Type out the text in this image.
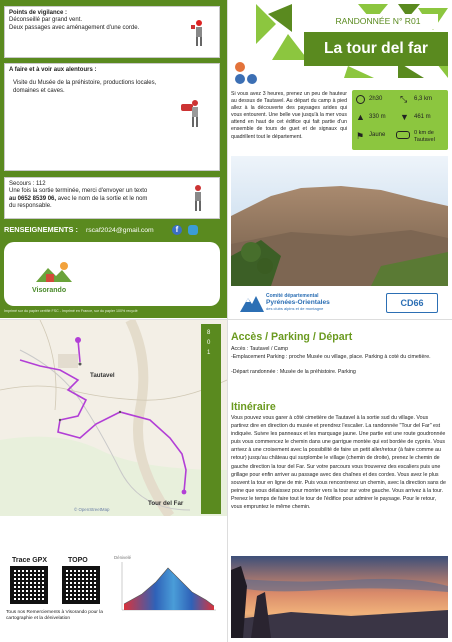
Points de vigilance :
Déconseillé par grand vent.
Deux passages avec aménagement d'une corde.
A faire et à voir aux alentours :
Visite du Musée de la préhistoire, productions locales, domaines et caves.
Secours : 112
Une fois la sortie terminée, merci d'envoyer un texto
au 0652 8539 06, avec le nom de la sortie et le nom
du responsable.
RENSEIGNEMENTS : rscaf2024@gmail.com	f
Visorando
Imprimé sur du papier certifié FSC - Imprimé en France, sur du papier 100% recyclé
RANDONNÉE N° R01
La tour del far
Si vous avez 3 heures, prenez un peu de hauteur au dessus de Tautavel. Au départ du camp à pied allez à la découverte des paysages arides qui vous entourent. Une belle vue jusqu'à la mer vous attend en haut de cet édifice qui fait partie d'un ensemble de tours de guet et de signaux qui quadrillent tout le département.
2h30 ⤡	6,3 km
▲ 330 m ▼ 461 m
⚑ Jaune	0 km de Tautavel
Comité départemental
Pyrénées-Orientales
des clubs alpins et de montagne
CD66
Tautavel
Tour del Far
© OpenStreetMap
8
0
1
Trace GPX	TOPO	Dénivelé
Tous nos Remerciements à Visorando pour la cartographie et la dénivelation
Accès / Parking / Départ
Accès : Tautavel / Camp
-Emplacement Parking : proche Musée ou village, place. Parking à coté du cimetière.
-Départ randonnée : Musée de la préhistoire. Parking
Itinéraire
Vous pouvez vous garer à côté cimetière de Tautavel à la sortie sud du village. Vous partirez dire en direction du musée et prendrez l'escalier. La randonnée "Tour del Far" est indiquée. Suivre les panneaux et les marquage jaune. Une partie est une route goudronnée puis vous commencez le chemin dans une garrigue montée qui est bordée de cyprès. Vous arrivez à une croisement avec la possibilité de faire un petit aller/retour (à faire comme au retour) jusqu'au château qui surplombe le village (chemin de droite), prenez le chemin de gauche direction la tour del Far. Sur votre parcours vous trouverez des escaliers puis une grillage pour enfin arriver au passage avec des chaînes et des cordes. Vous avez le plus souvent la tour en ligne de mir. Puis vous rencontrerez un chemin, avec la direction sans de peine que vous délaissez pour monter vers la tour sur votre gauche. Vous arrivez à la tour. Prenez le temps de faire tout le tour de l'édifice pour admirer le paysage. Pour le retour, vous empruntez le même chemin.
